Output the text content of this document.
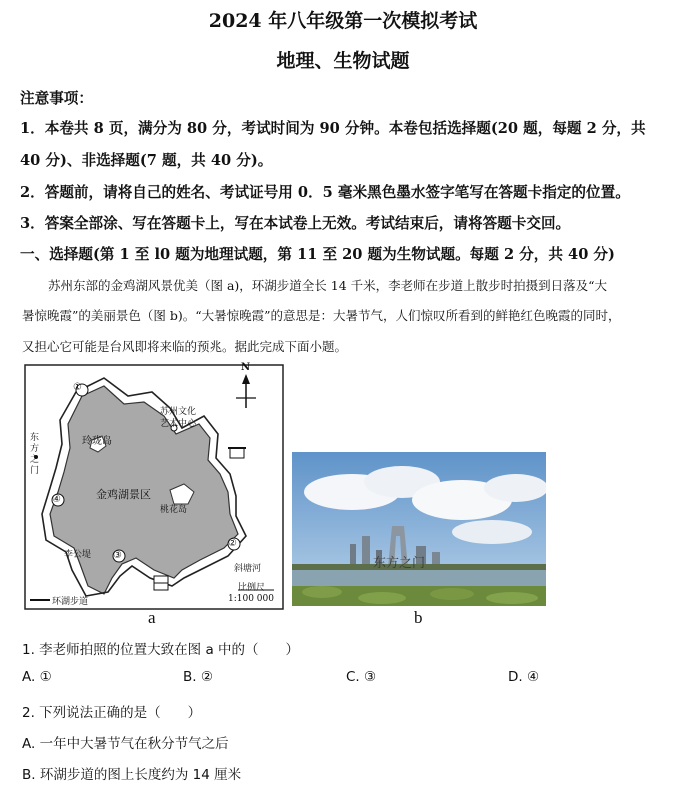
2024 年八年级第一次模拟考试
地理、生物试题
注意事项：
1．本卷共 8 页，满分为 80 分，考试时间为 90 分钟。本卷包括选择题(20 题，每题 2 分，共
40 分)、非选择题(7 题，共 40 分)。
2．答题前，请将自己的姓名、考试证号用 0．5 毫米黑色墨水签字笔写在答题卡指定的位置。
3．答案全部涂、写在答题卡上，写在本试卷上无效。考试结束后，请将答题卡交回。
一、选择题(第 1 至 l0 题为地理试题，第 11 至 20 题为生物试题。每题 2 分，共 40 分)
苏州东部的金鸡湖风景优美（图 a)，环湖步道全长 14 千米，李老师在步道上散步时拍摄到日落及“大
暑惊晚霞”的美丽景色（图 b)。“大暑惊晚霞”的意思是：大暑节气，人们惊叹所看到的鲜艳红色晚霞的同时，
又担心它可能是台风即将来临的预兆。据此完成下面小题。
①
②
③
④
N
苏州文化
艺术中心
玲珑岛
金鸡湖景区
桃花岛
东
方
之
门
李公堤
斜塘河
比例尺
1:100 000
环湖步道
a
东方之门
b
1. 李老师拍照的位置大致在图 a 中的（　　）
A. ①	B. ②	C. ③	D. ④
2. 下列说法正确的是（　　）
A. 一年中大暑节气在秋分节气之后
B. 环湖步道的图上长度约为 14 厘米
